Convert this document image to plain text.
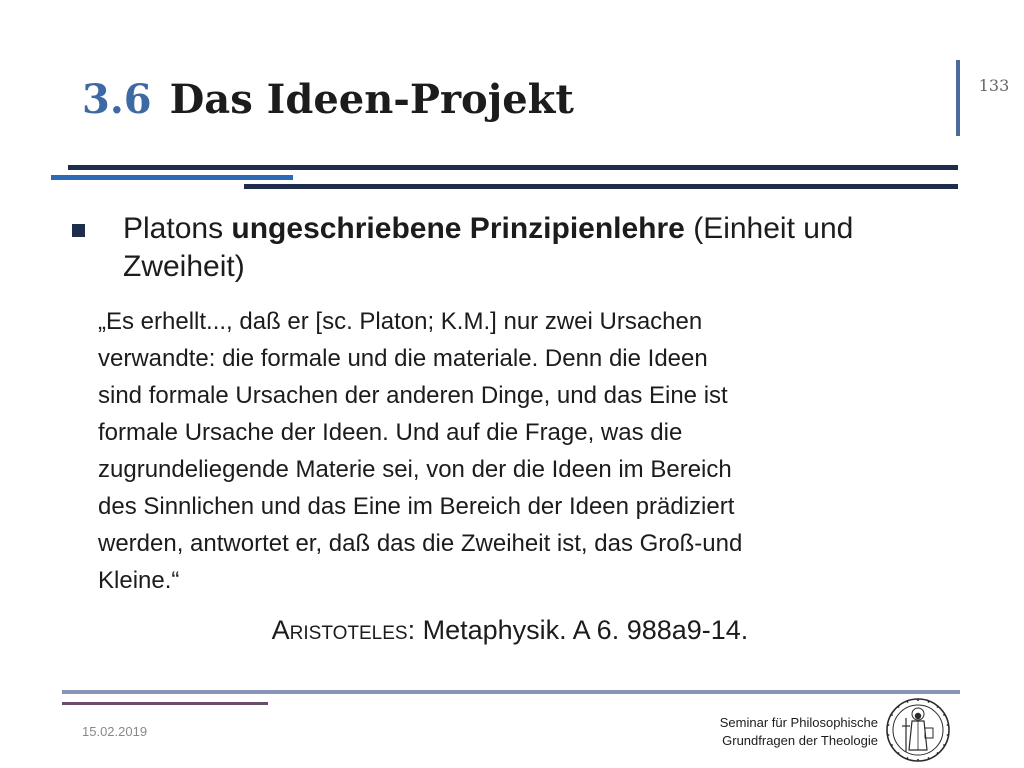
3.6 Das Ideen-Projekt	133

Platons ungeschriebene Prinzipienlehre (Einheit und Zweiheit)

„Es erhellt..., daß er [sc. Platon; K.M.] nur zwei Ursachen
verwandte: die formale und die materiale. Denn die Ideen
sind formale Ursachen der anderen Dinge, und das Eine ist
formale Ursache der Ideen. Und auf die Frage, was die
zugrundeliegende Materie sei, von der die Ideen im Bereich
des Sinnlichen und das Eine im Bereich der Ideen prädiziert
werden, antwortet er, daß das die Zweiheit ist, das Groß-und
Kleine.“

Aristoteles: Metaphysik. A 6. 988a9-14.

15.02.2019

Seminar für Philosophische
Grundfragen der Theologie
